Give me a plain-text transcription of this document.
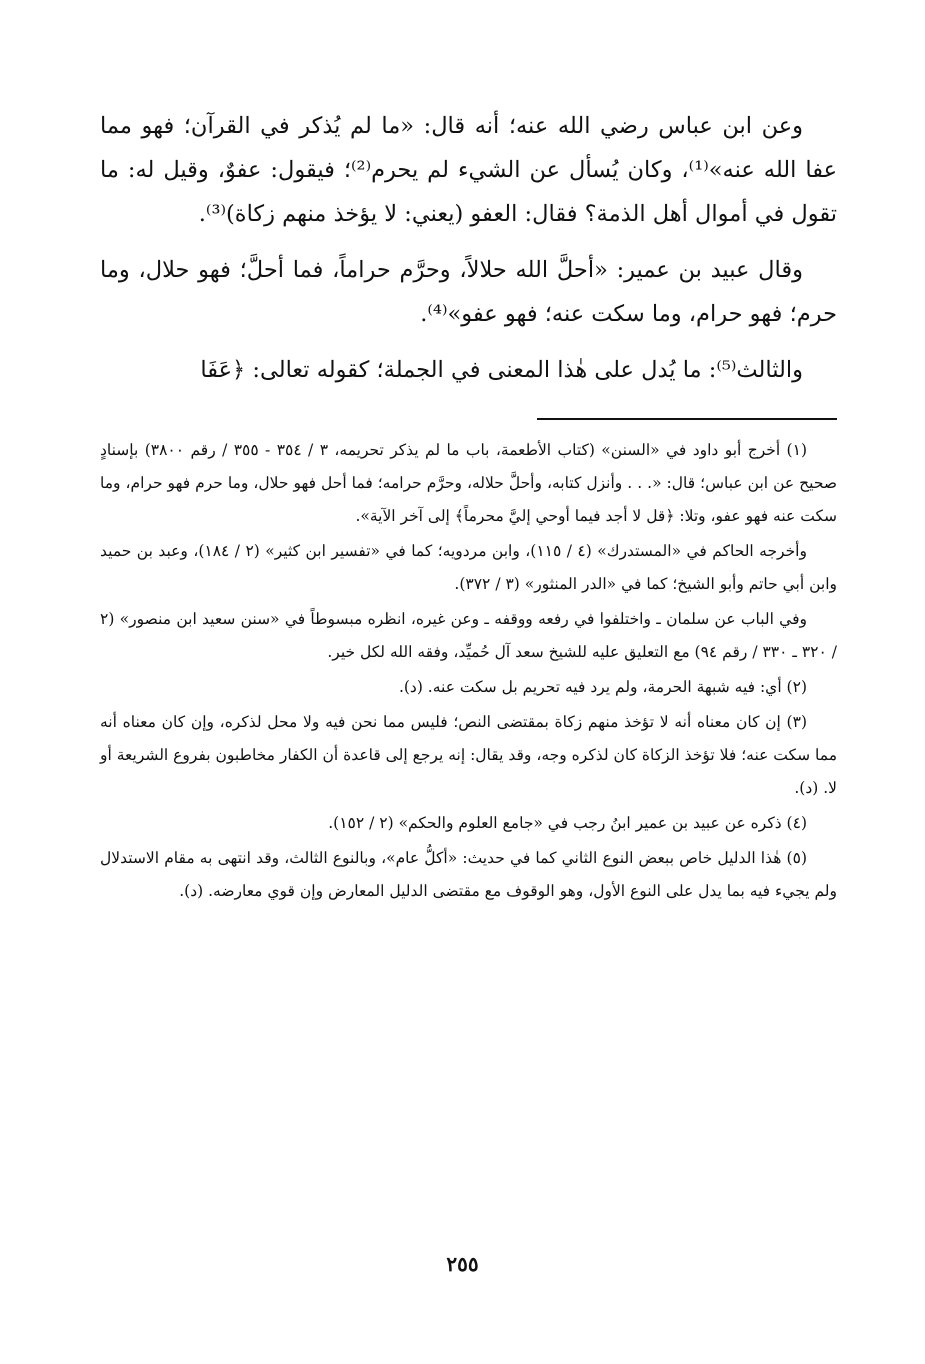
وعن ابن عباس رضي الله عنه؛ أنه قال: «ما لم يُذكر في القرآن؛ فهو مما عفا الله عنه»⁽¹⁾، وكان يُسأل عن الشيء لم يحرم⁽²⁾؛ فيقول: عفوٌ، وقيل له: ما تقول في أموال أهل الذمة؟ فقال: العفو (يعني: لا يؤخذ منهم زكاة)⁽³⁾.

وقال عبيد بن عمير: «أحلَّ الله حلالاً، وحرَّم حراماً، فما أحلَّ؛ فهو حلال، وما حرم؛ فهو حرام، وما سكت عنه؛ فهو عفو»⁽⁴⁾.

والثالث⁽⁵⁾: ما يُدل على هٰذا المعنى في الجملة؛ كقوله تعالى: ﴿عَفَا

(١) أخرج أبو داود في «السنن» (كتاب الأطعمة، باب ما لم يذكر تحريمه، ٣ / ٣٥٤ - ٣٥٥ / رقم ٣٨٠٠) بإسنادٍ صحيح عن ابن عباس؛ قال: «. . . وأنزل كتابه، وأحلَّ حلاله، وحرَّم حرامه؛ فما أحل فهو حلال، وما حرم فهو حرام، وما سكت عنه فهو عفو، وتلا: ﴿قل لا أجد فيما أوحي إليَّ محرماً﴾ إلى آخر الآية».

وأخرجه الحاكم في «المستدرك» (٤ / ١١٥)، وابن مردويه؛ كما في «تفسير ابن كثير» (٢ / ١٨٤)، وعبد بن حميد وابن أبي حاتم وأبو الشيخ؛ كما في «الدر المنثور» (٣ / ٣٧٢).

وفي الباب عن سلمان ـ واختلفوا في رفعه ووقفه ـ وعن غيره، انظره مبسوطاً في «سنن سعيد ابن منصور» (٢ / ٣٢٠ ـ ٣٣٠ / رقم ٩٤) مع التعليق عليه للشيخ سعد آل حُميِّد، وفقه الله لكل خير.

(٢) أي: فيه شبهة الحرمة، ولم يرد فيه تحريم بل سكت عنه. (د).

(٣) إن كان معناه أنه لا تؤخذ منهم زكاة بمقتضى النص؛ فليس مما نحن فيه ولا محل لذكره، وإن كان معناه أنه مما سكت عنه؛ فلا تؤخذ الزكاة كان لذكره وجه، وقد يقال: إنه يرجع إلى قاعدة أن الكفار مخاطبون بفروع الشريعة أو لا. (د).

(٤) ذكره عن عبيد بن عمير ابنُ رجب في «جامع العلوم والحكم» (٢ / ١٥٢).

(٥) هٰذا الدليل خاص ببعض النوع الثاني كما في حديث: «أكلُّ عام»، وبالنوع الثالث، وقد انتهى به مقام الاستدلال ولم يجيء فيه بما يدل على النوع الأول، وهو الوقوف مع مقتضى الدليل المعارض وإن قوي معارضه. (د).

٢٥٥
